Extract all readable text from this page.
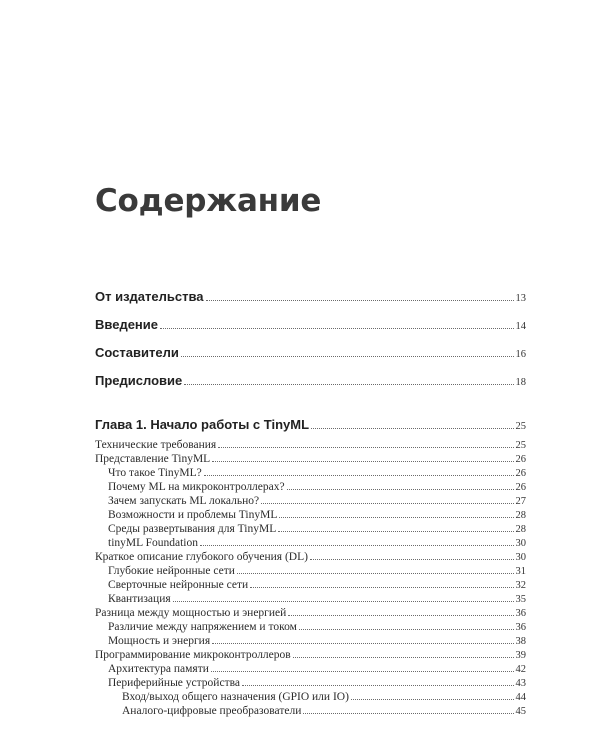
Содержание
От издательства	13
Введение	14
Составители	16
Предисловие	18
Глава 1. Начало работы с TinyML	25
Технические требования	25
Представление TinyML	26
Что такое TinyML?	26
Почему ML на микроконтроллерах?	26
Зачем запускать ML локально?	27
Возможности и проблемы TinyML	28
Среды развертывания для TinyML	28
tinyML Foundation	30
Краткое описание глубокого обучения (DL)	30
Глубокие нейронные сети	31
Сверточные нейронные сети	32
Квантизация	35
Разница между мощностью и энергией	36
Различие между напряжением и током	36
Мощность и энергия	38
Программирование микроконтроллеров	39
Архитектура памяти	42
Периферийные устройства	43
Вход/выход общего назначения (GPIO или IO)	44
Аналого-цифровые преобразователи	45
